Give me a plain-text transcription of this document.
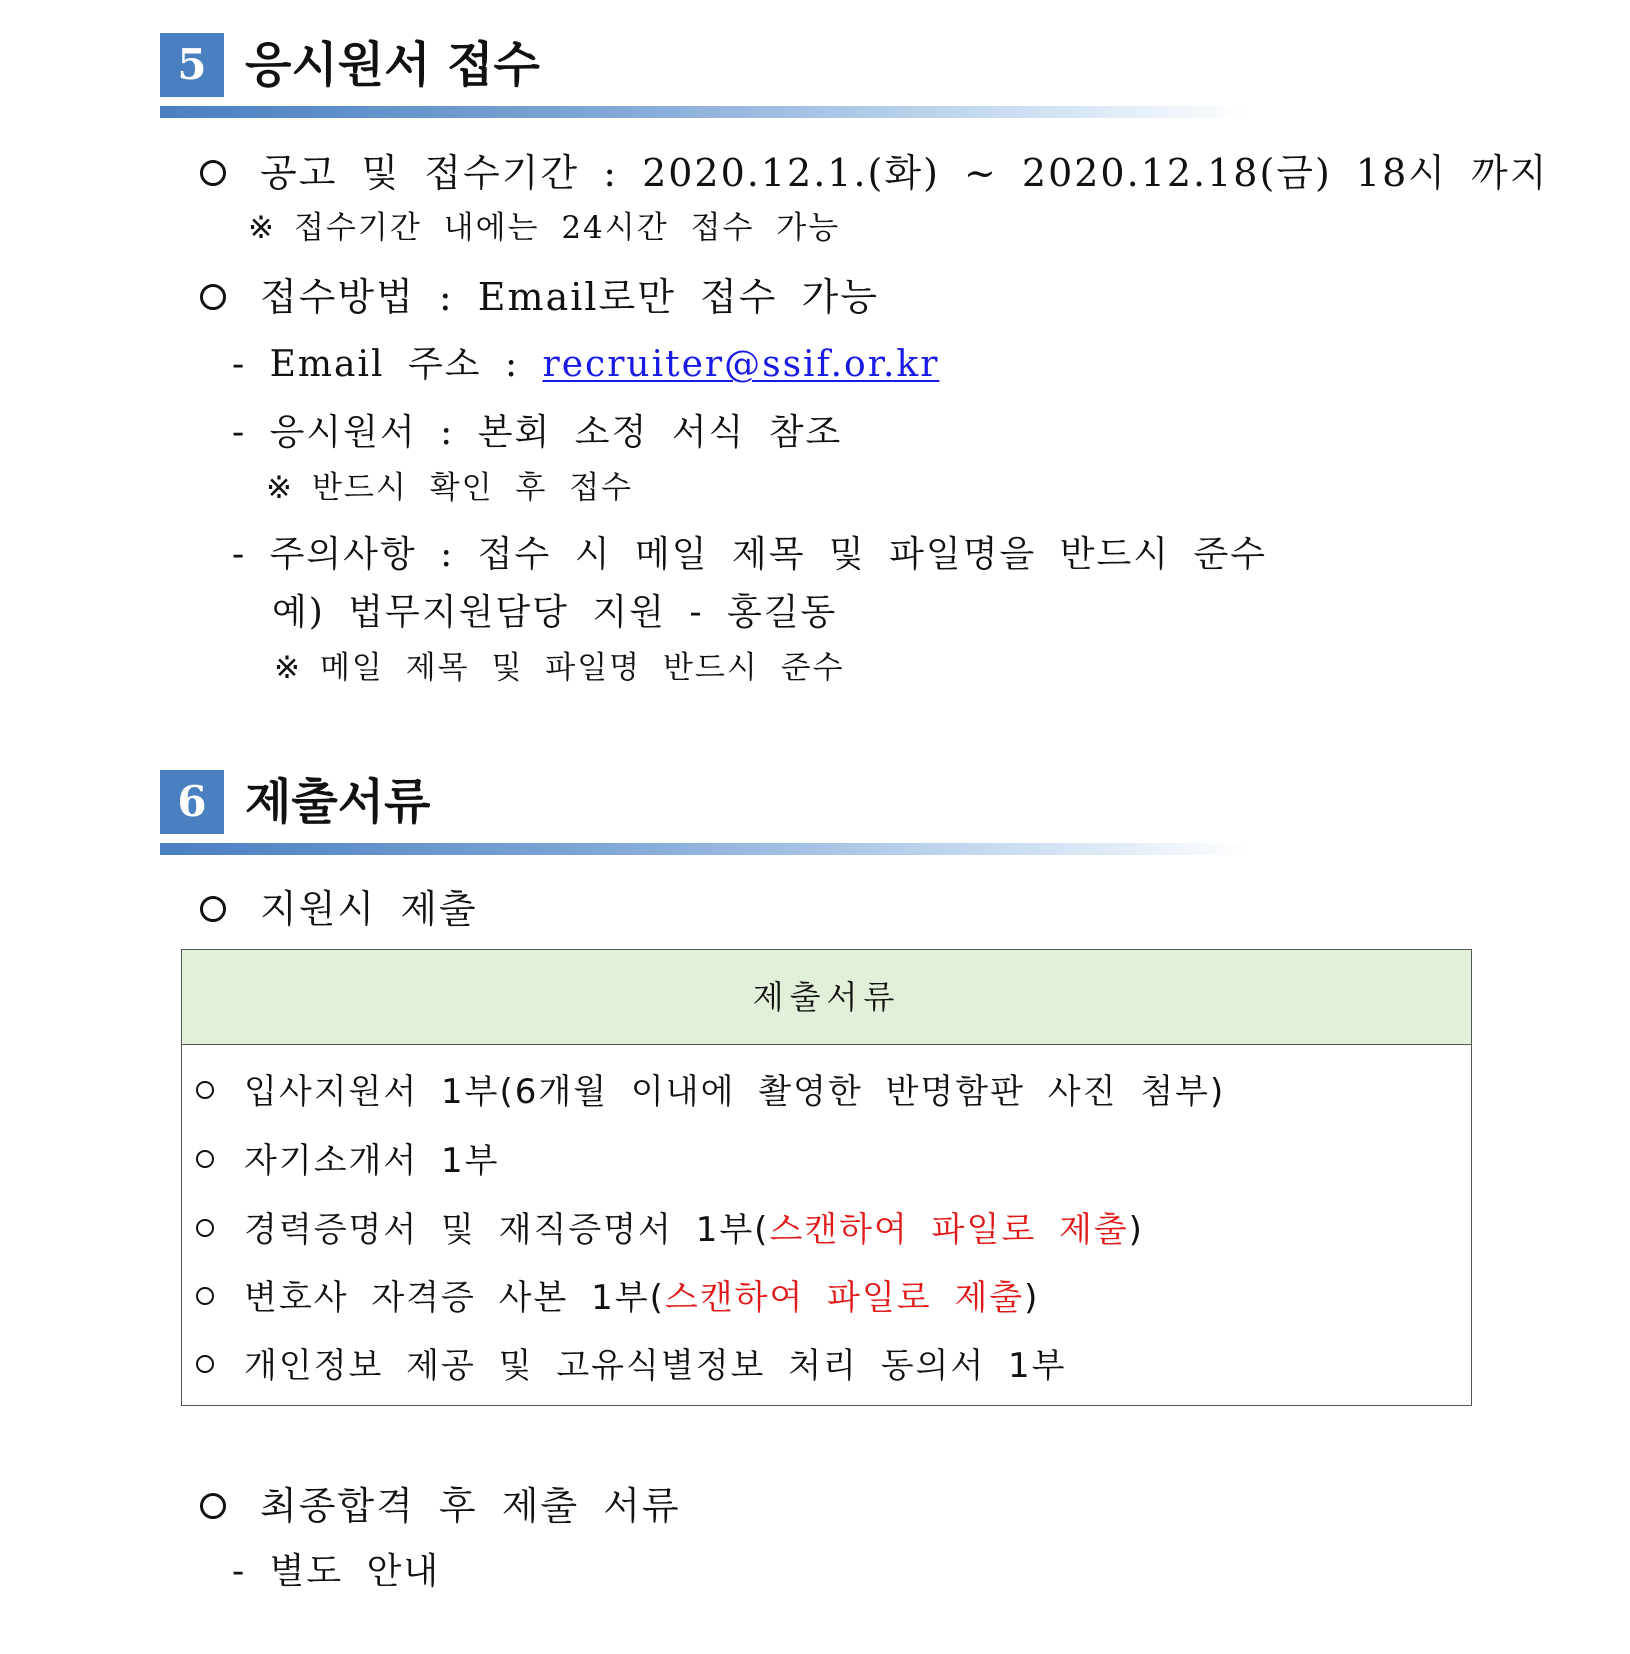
5 응시원서 접수
공고 및 접수기간 : 2020.12.1.(화) ~ 2020.12.18(금) 18시 까지
※ 접수기간 내에는 24시간 접수 가능
접수방법 : Email로만 접수 가능
- Email 주소 : recruiter@ssif.or.kr
- 응시원서 : 본회 소정 서식 참조
※ 반드시 확인 후 접수
- 주의사항 : 접수 시 메일 제목 및 파일명을 반드시 준수
예) 법무지원담당 지원 - 홍길동
※ 메일 제목 및 파일명 반드시 준수
6 제출서류
지원시 제출
제출서류
입사지원서 1부(6개월 이내에 촬영한 반명함판 사진 첨부)
자기소개서 1부
경력증명서 및 재직증명서 1부(스캔하여 파일로 제출)
변호사 자격증 사본 1부(스캔하여 파일로 제출)
개인정보 제공 및 고유식별정보 처리 동의서 1부
최종합격 후 제출 서류
- 별도 안내
